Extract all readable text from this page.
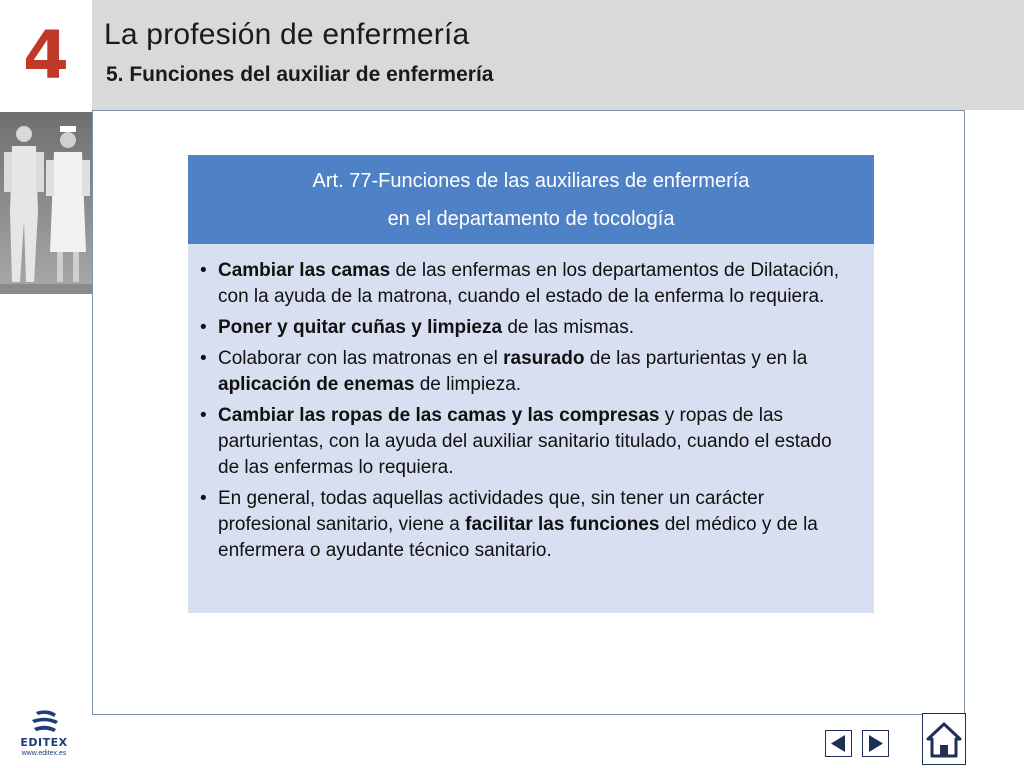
4	La profesión de enfermería
5. Funciones del auxiliar de enfermería
Art. 77-Funciones de las auxiliares de enfermería
en el departamento de tocología
• Cambiar las camas de las enfermas en los departamentos de Dilatación, con la ayuda de la matrona, cuando el estado de la enferma lo requiera.
• Poner y quitar cuñas y limpieza de las mismas.
• Colaborar con las matronas en el rasurado de las parturientas y en la aplicación de enemas de limpieza.
• Cambiar las ropas de las camas y las compresas y ropas de las parturientas, con la ayuda del auxiliar sanitario titulado, cuando el estado de las enfermas lo requiera.
• En general, todas aquellas actividades que, sin tener un carácter profesional sanitario, viene a facilitar las funciones del médico y de la enfermera o ayudante técnico sanitario.
EDITEX
www.editex.es
